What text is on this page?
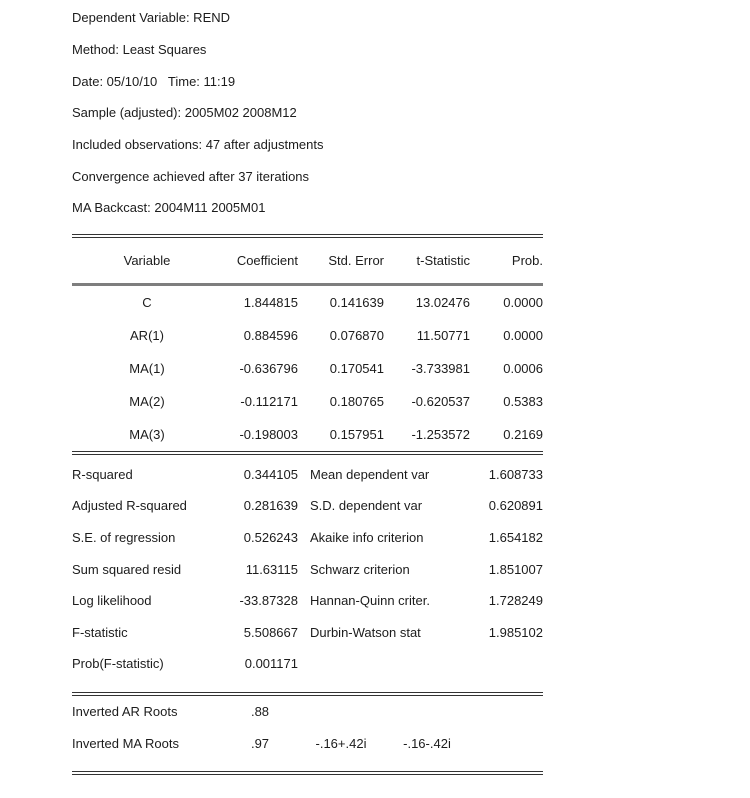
Dependent Variable: REND
Method: Least Squares
Date: 05/10/10   Time: 11:19
Sample (adjusted): 2005M02 2008M12
Included observations: 47 after adjustments
Convergence achieved after 37 iterations
MA Backcast: 2004M11 2005M01
Variable	Coefficient	Std. Error	t-Statistic	Prob.
C	1.844815	0.141639	13.02476	0.0000
AR(1)	0.884596	0.076870	11.50771	0.0000
MA(1)	-0.636796	0.170541	-3.733981	0.0006
MA(2)	-0.112171	0.180765	-0.620537	0.5383
MA(3)	-0.198003	0.157951	-1.253572	0.2169
R-squared	0.344105 Mean dependent var	1.608733
Adjusted R-squared	0.281639 S.D. dependent var	0.620891
S.E. of regression	0.526243 Akaike info criterion	1.654182
Sum squared resid	11.63115 Schwarz criterion	1.851007
Log likelihood	-33.87328 Hannan-Quinn criter.	1.728249
F-statistic	5.508667 Durbin-Watson stat	1.985102
Prob(F-statistic)	0.001171
Inverted AR Roots	.88
Inverted MA Roots	.97	-.16+.42i	-.16-.42i
